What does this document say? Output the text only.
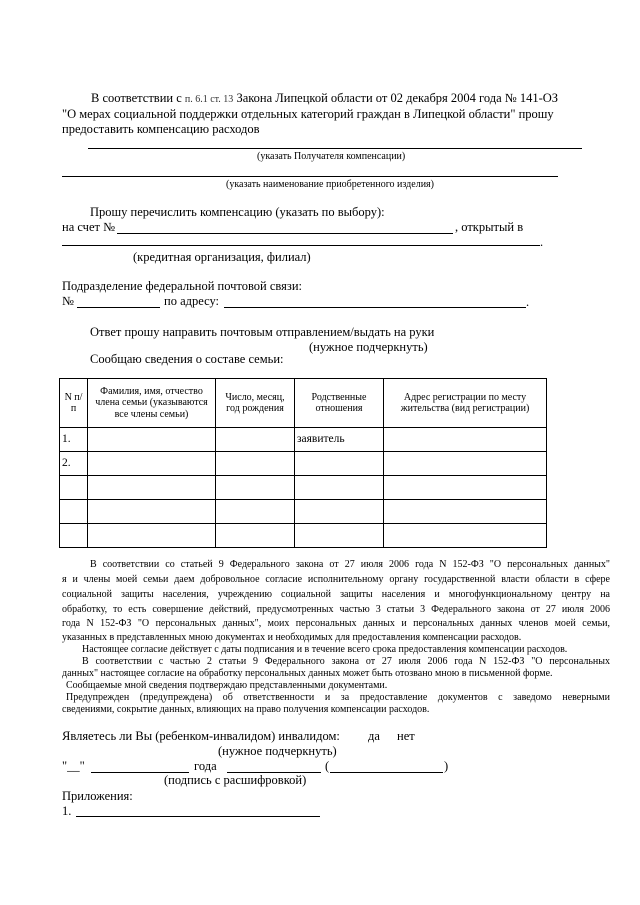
В соответствии с п. 6.1 ст. 13 Закона Липецкой области от 02 декабря 2004 года № 141-ОЗ
"О мерах социальной поддержки отдельных категорий граждан в Липецкой области" прошу
предоставить компенсацию расходов
(указать Получателя компенсации)
(указать наименование приобретенного изделия)
Прошу перечислить компенсацию (указать по выбору):
на счет №	, открытый в
.
(кредитная организация, филиал)
Подразделение федеральной почтовой связи:
№	по адресу:	.
Ответ прошу направить почтовым отправлением/выдать на руки
(нужное подчеркнуть)
Сообщаю сведения о составе семьи:
N п/п	Фамилия, имя, отчество члена семьи (указываются все члены семьи)	Число, месяц, год рождения	Родственные отношения	Адрес регистрации по месту жительства (вид регистрации)
1.			заявитель	
2.				

В соответствии со статьей 9 Федерального закона от 27 июля 2006 года N 152-ФЗ "О персональных данных"
я и члены моей семьи даем добровольное согласие исполнительному органу государственной власти области в сфере
социальной защиты населения, учреждению социальной защиты населения и многофункциональному центру на
обработку, то есть совершение действий, предусмотренных частью 3 статьи 3 Федерального закона от 27 июля 2006
года N 152-ФЗ "О персональных данных", моих персональных данных и персональных данных членов моей семьи,
указанных в представленных мною документах и необходимых для предоставления компенсации расходов.
Настоящее согласие действует с даты подписания и в течение всего срока предоставления компенсации расходов.
В соответствии с частью 2 статьи 9 Федерального закона от 27 июля 2006 года N 152-ФЗ "О персональных
данных" настоящее согласие на обработку персональных данных может быть отозвано мною в письменной форме.
Сообщаемые мной сведения подтверждаю представленными документами.
Предупрежден (предупреждена) об ответственности и за предоставление документов с заведомо неверными
сведениями, сокрытие данных, влияющих на право получения компенсации расходов.
Являетесь ли Вы (ребенком-инвалидом) инвалидом: да нет
(нужное подчеркнуть)
"__"	года	(	)
(подпись с расшифровкой)
Приложения:
1.
